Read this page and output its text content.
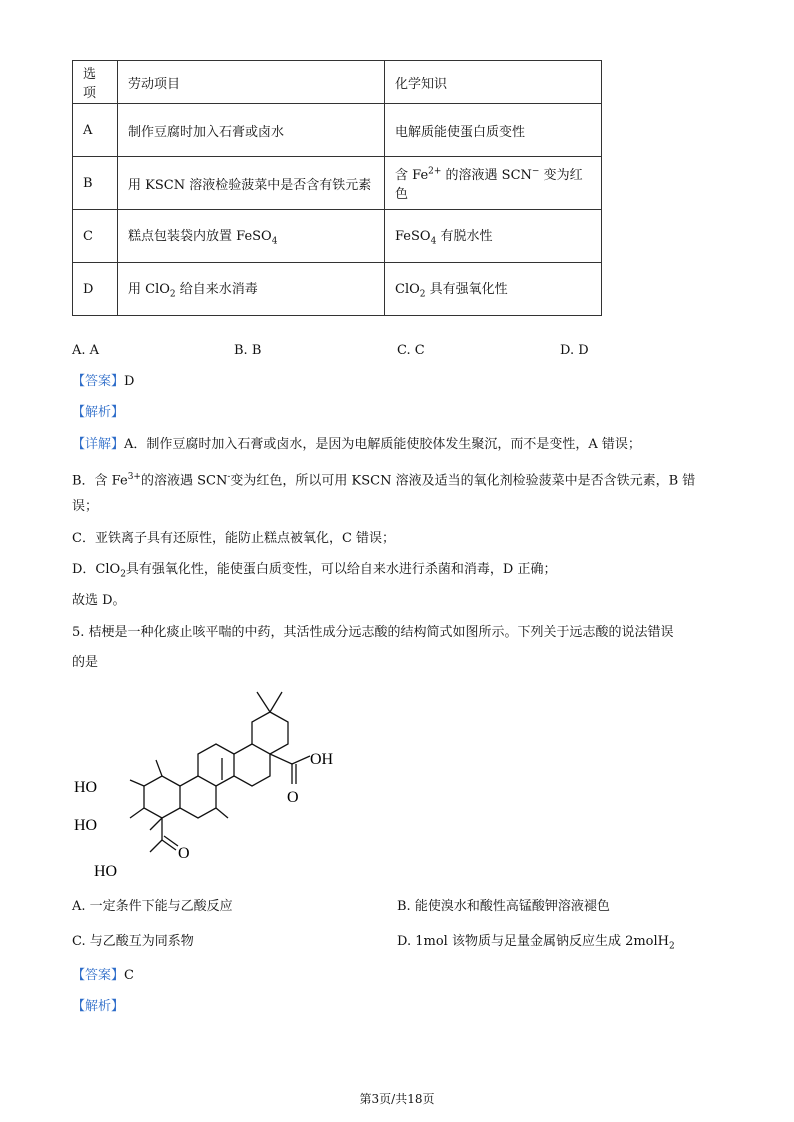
选项	劳动项目	化学知识
A	制作豆腐时加入石膏或卤水	电解质能使蛋白质变性
B	用 KSCN 溶液检验菠菜中是否含有铁元素	含 $Fe^{2+}$ 的溶液遇 SCN− 变为红色
C	糕点包装袋内放置 FeSO$_4$	FeSO$_4$ 有脱水性
D	用 ClO$_2$ 给自来水消毒	ClO$_2$ 具有强氧化性
A. A	B. B	C. C	D. D
【答案】D
【解析】
【详解】A．制作豆腐时加入石膏或卤水，是因为电解质能使胶体发生聚沉，而不是变性，A 错误；
B．含 $Fe^{3+}$的溶液遇 SCN-变为红色，所以可用 KSCN 溶液及适当的氧化剂检验菠菜中是否含铁元素，B 错
误；
C．亚铁离子具有还原性，能防止糕点被氧化，C 错误；
D．ClO$_2$具有强氧化性，能使蛋白质变性，可以给自来水进行杀菌和消毒，D 正确；
故选 D。
5. 桔梗是一种化痰止咳平喘的中药，其活性成分远志酸的结构简式如图所示。下列关于远志酸的说法错误
的是
HO
HO
OH
O
O
HO
A. 一定条件下能与乙酸反应	B. 能使溴水和酸性高锰酸钾溶液褪色
C. 与乙酸互为同系物	D. 1mol 该物质与足量金属钠反应生成 2molH$_2$
【答案】C
【解析】
第3页/共18页
